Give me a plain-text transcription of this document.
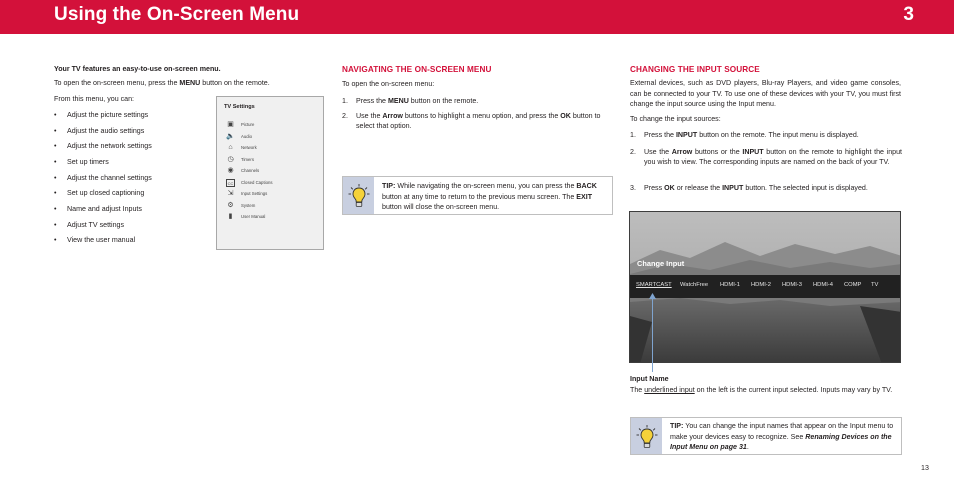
Using the On-Screen Menu	3
Your TV features an easy-to-use on-screen menu.
To open the on-screen menu, press the MENU button on the remote.
From this menu, you can:
• Adjust the picture settings
• Adjust the audio settings
• Adjust the network settings
• Set up timers
• Adjust the channel settings
• Set up closed captioning
• Name and adjust Inputs
• Adjust TV settings
• View the user manual
TV Settings
▣ Picture
🔈 Audio
⌂	Network
◷	Timers
◉	Channels
CC	Closed Captions
⇲	Input Settings
⚙	System
▮	User Manual
NAVIGATING THE ON-SCREEN MENU
To open the on-screen menu:
1. Press the MENU button on the remote.
2. Use the Arrow buttons to highlight a menu option, and press the OK button to select that option.
TIP: While navigating the on-screen menu, you can press the BACK button at any time to return to the previous menu screen. The EXIT button will close the on-screen menu.
CHANGING THE INPUT SOURCE
External devices, such as DVD players, Blu-ray Players, and video game consoles, can be connected to your TV. To use one of these devices with your TV, you must first change the input source using the Input menu.
To change the input sources:
1. Press the INPUT button on the remote. The input menu is displayed.
2. Use the Arrow buttons or the INPUT button on the remote to highlight the input you wish to view. The corresponding inputs are named on the back of your TV.
3. Press OK or release the INPUT button. The selected input is displayed.
Change Input
SMARTCAST WatchFree HDMI-1 HDMI-2 HDMI-3 HDMI-4 COMP TV
Input Name
The underlined input on the left is the current input selected. Inputs may vary by TV.
TIP: You can change the input names that appear on the Input menu to make your devices easy to recognize. See Renaming Devices on the Input Menu on page 31.
13
